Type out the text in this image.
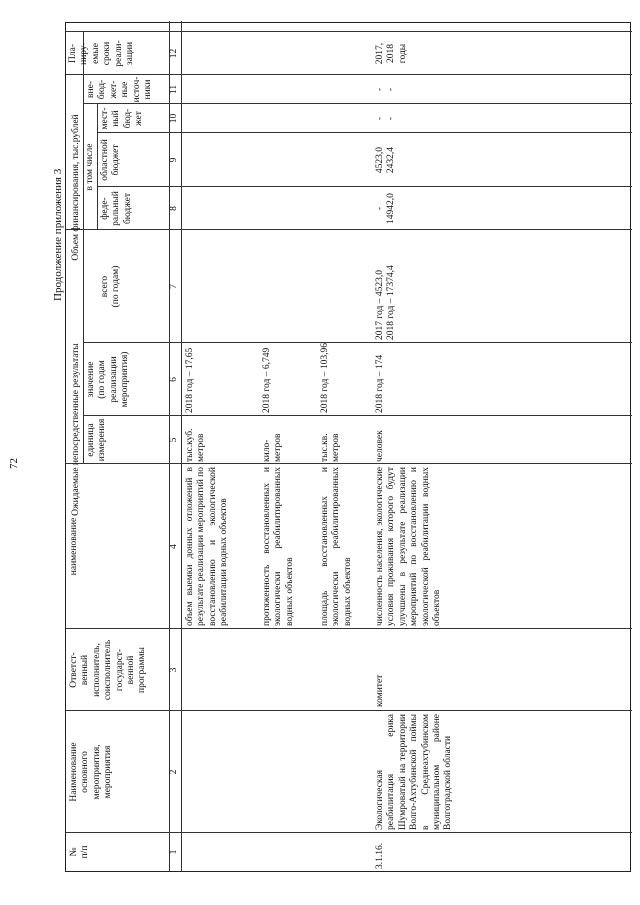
72
Продолжение приложения 3
№
п/п
Наименование
основного
мероприятия,
мероприятия
Ответст-
венный
исполнитель,
соисполнитель
государст-
венной
программы
наименование
Ожидаемые непосредственные результаты единица
измерения
значение
(по годам
реализации
мероприятия)
Объем финансирования, тыс.рублей
всего
(по годам)
в том числе
феде-
ральный
бюджет
областной
бюджет
мест-
ный
бюд-
жет
вне-
бюд-
жет-
ные
источ-
ники
Пла-
ниру-
емые
сроки
реали-
зации
1
2
3
4
5
6
7
8
9
10
11
12
объем выемки донных отложений в результате реализации мероприятий по восстановлению и экологической реабилитации водных объектов
тыс.куб.
метров
2018 год – 17,65
протяженность восстановленных и экологически реабилитированных водных объектов
кило-
метров
2018 год – 6,749
площадь восстановленных и экологически реабилитированных водных объектов
тыс.кв.
метров
2018 год – 103,96
3.1.16.
Экологическая реабилитация ерика Шумроватый на территории Волго-Ахтубинской поймы в Среднеахтубинском муниципальном районе Волгоградской области
комитет
численность населения, экологические условия проживания которого будут улучшены в результате реализации мероприятий по восстановлению и экологической реабилитации водных объектов
человек
2018 год – 174
2017 год – 4523,0
2018 год – 17374,4
-
14942,0
4523,0
2432,4
-
-
-
-
2017,
2018
годы
